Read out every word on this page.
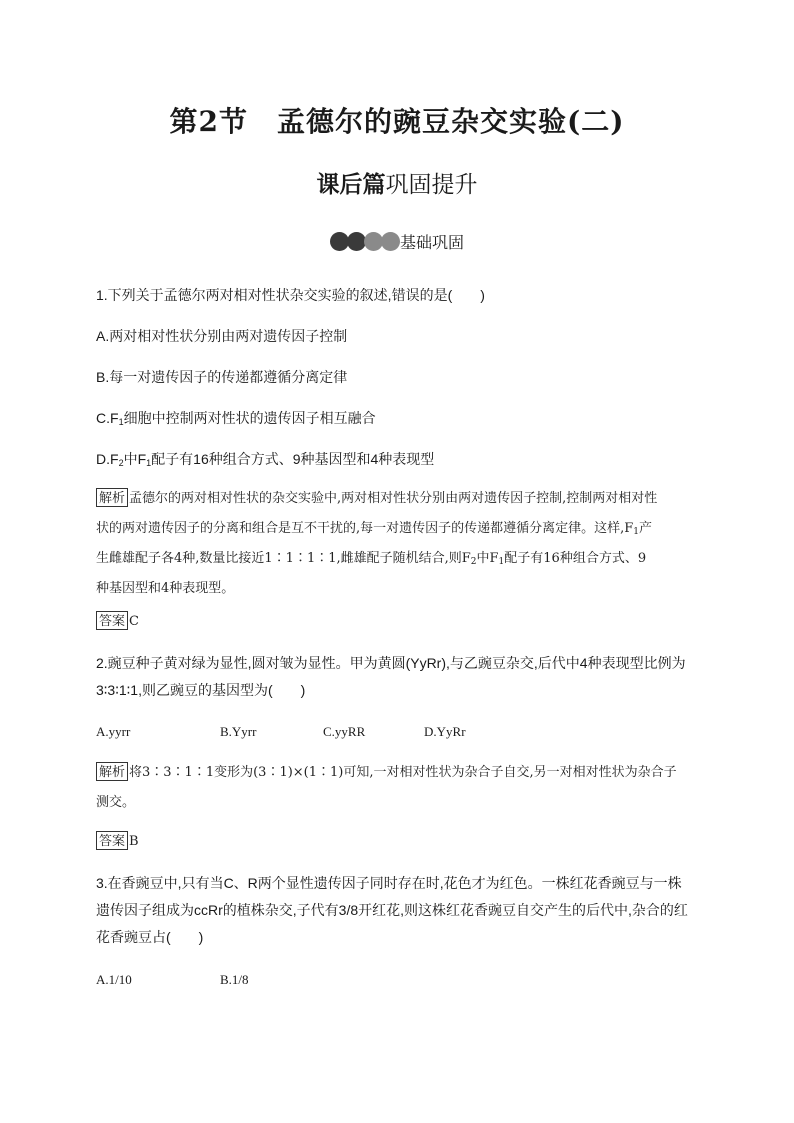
第2节　孟德尔的豌豆杂交实验(二)
课后篇巩固提升
基础巩固
1.下列关于孟德尔两对相对性状杂交实验的叙述,错误的是(　　)
A.两对相对性状分别由两对遗传因子控制
B.每一对遗传因子的传递都遵循分离定律
$C.F_1$细胞中控制两对性状的遗传因子相互融合
$D.F_2$中$F_1$配子有16种组合方式、9种基因型和4种表现型
解析 孟德尔的两对相对性状的杂交实验中,两对相对性状分别由两对遗传因子控制,控制两对相对性
状的两对遗传因子的分离和组合是互不干扰的,每一对遗传因子的传递都遵循分离定律。这样$,F_1$产
生雌雄配子各4种,数量比接近1∶1∶1∶1,雌雄配子随机结合,则$F_2$中$F_1$配子有16种组合方式、9
种基因型和4种表现型。
答案 C
2.豌豆种子黄对绿为显性,圆对皱为显性。甲为黄圆(YyRr),与乙豌豆杂交,后代中4种表现型比例为
3∶3∶1∶1,则乙豌豆的基因型为(　　)
A.yyrr	B.Yyrr	C.yyRR	D.YyRr
解析 将3∶3∶1∶1变形为(3∶1)×(1∶1)可知,一对相对性状为杂合子自交,另一对相对性状为杂合子
测交。
答案 B
3.在香豌豆中,只有当C、R两个显性遗传因子同时存在时,花色才为红色。一株红花香豌豆与一株
遗传因子组成为ccRr的植株杂交,子代有3/8开红花,则这株红花香豌豆自交产生的后代中,杂合的红
花香豌豆占(　　)
A.1/10	B.1/8
